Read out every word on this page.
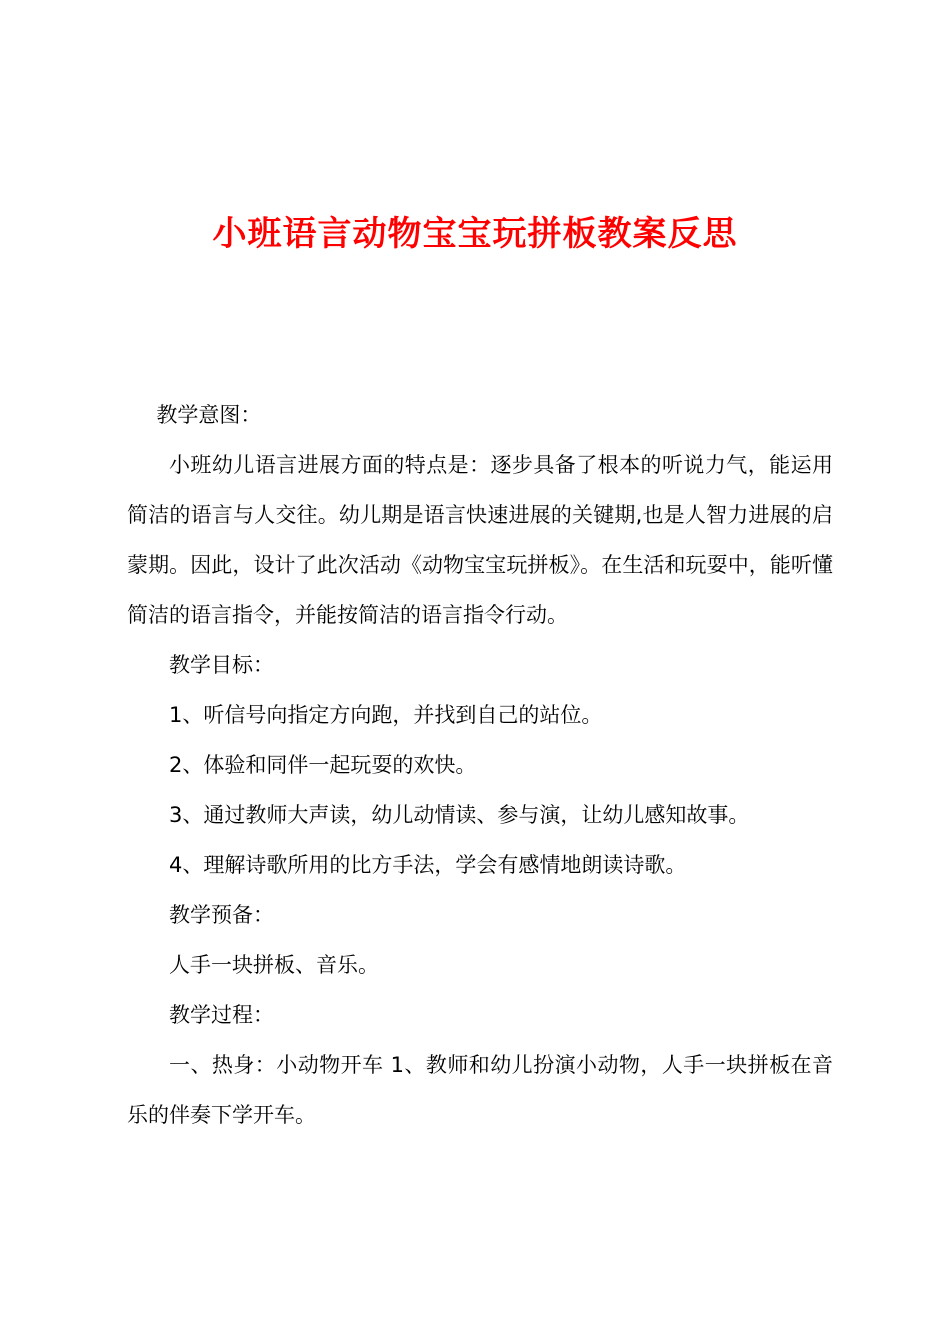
小班语言动物宝宝玩拼板教案反思

教学意图：

小班幼儿语言进展方面的特点是：逐步具备了根本的听说力气，能运用简洁的语言与人交往。幼儿期是语言快速进展的关键期,也是人智力进展的启蒙期。因此，设计了此次活动《动物宝宝玩拼板》。在生活和玩耍中，能听懂简洁的语言指令，并能按简洁的语言指令行动。

教学目标：

1、听信号向指定方向跑，并找到自己的站位。

2、体验和同伴一起玩耍的欢快。

3、通过教师大声读，幼儿动情读、参与演，让幼儿感知故事。

4、理解诗歌所用的比方手法，学会有感情地朗读诗歌。

教学预备：

人手一块拼板、音乐。

教学过程：

一、热身：小动物开车 1、教师和幼儿扮演小动物，人手一块拼板在音乐的伴奏下学开车。
